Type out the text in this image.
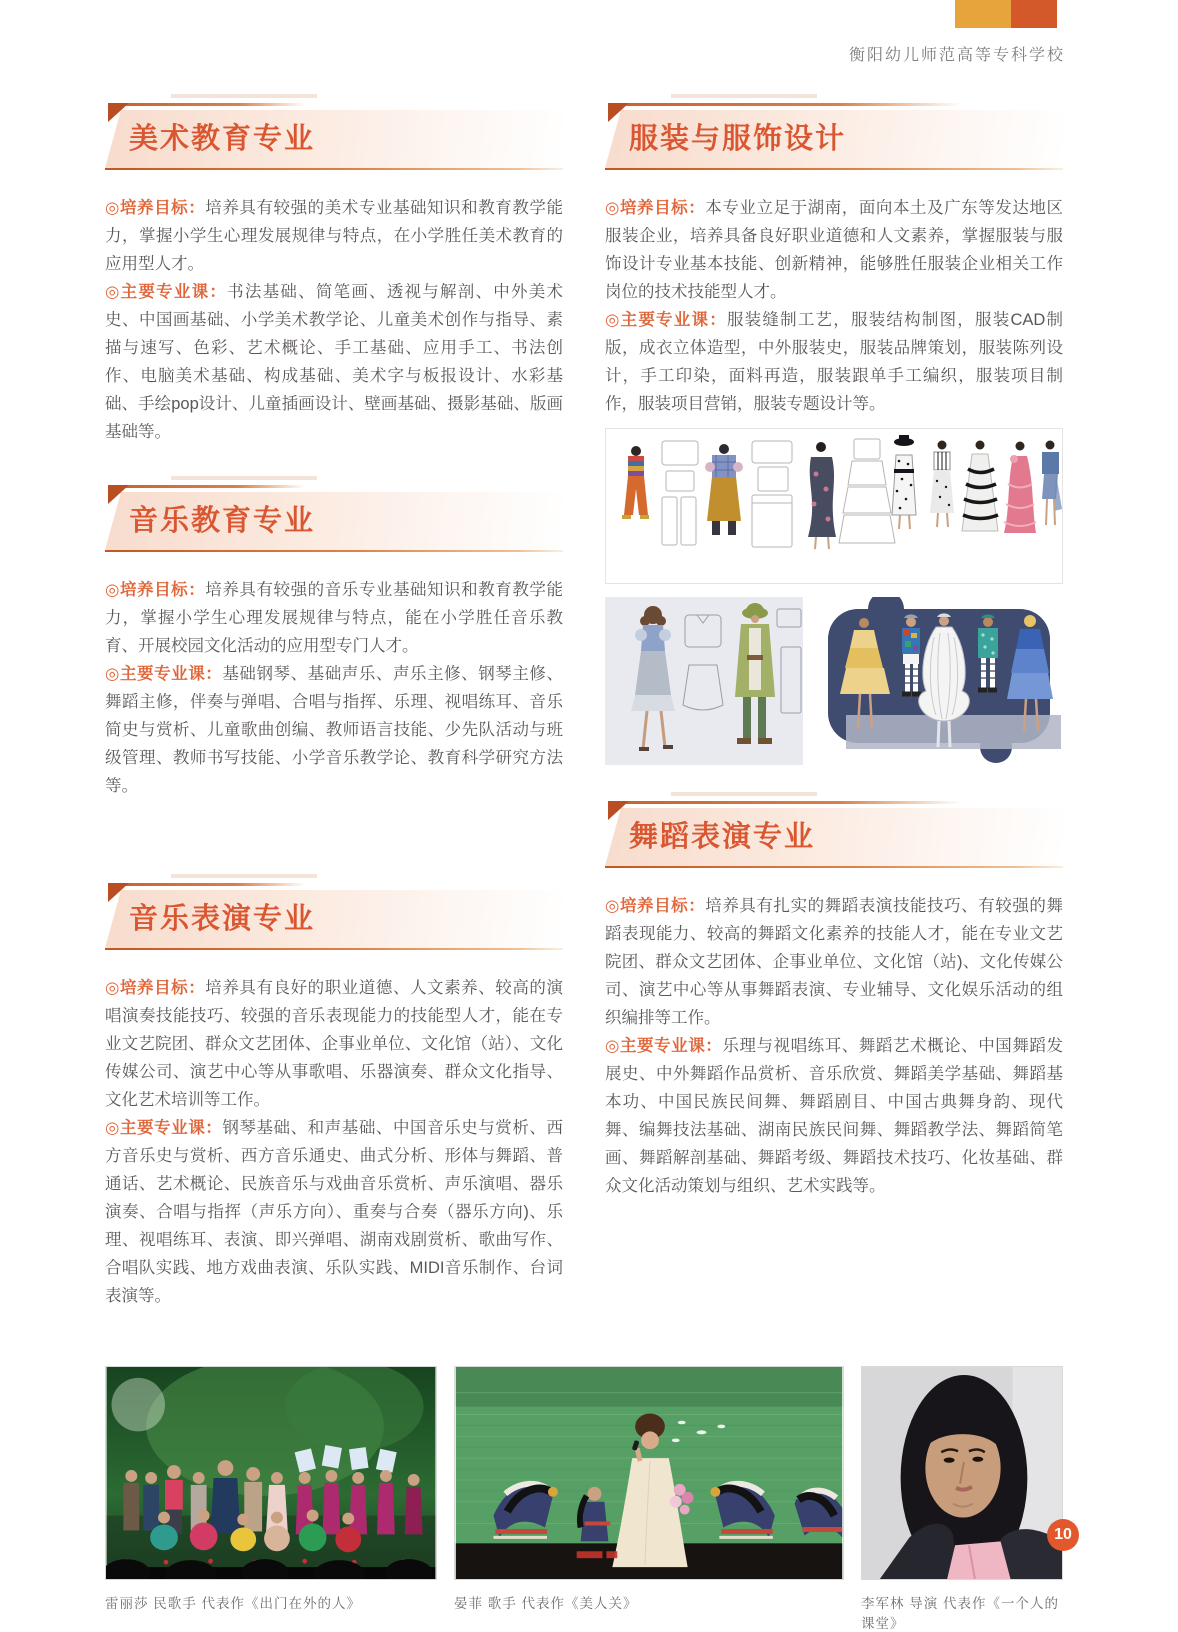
衡阳幼儿师范高等专科学校
美术教育专业

◎培养目标：培养具有较强的美术专业基础知识和教育教学能力，掌握小学生心理发展规律与特点，在小学胜任美术教育的应用型人才。

◎主要专业课：书法基础、简笔画、透视与解剖、中外美术史、中国画基础、小学美术教学论、儿童美术创作与指导、素描与速写、色彩、艺术概论、手工基础、应用手工、书法创作、电脑美术基础、构成基础、美术字与板报设计、水彩基础、手绘pop设计、儿童插画设计、壁画基础、摄影基础、版画基础等。

音乐教育专业

◎培养目标：培养具有较强的音乐专业基础知识和教育教学能力，掌握小学生心理发展规律与特点，能在小学胜任音乐教育、开展校园文化活动的应用型专门人才。

◎主要专业课：基础钢琴、基础声乐、声乐主修、钢琴主修、舞蹈主修，伴奏与弹唱、合唱与指挥、乐理、视唱练耳、音乐简史与赏析、儿童歌曲创编、教师语言技能、少先队活动与班级管理、教师书写技能、小学音乐教学论、教育科学研究方法等。

音乐表演专业

◎培养目标：培养具有良好的职业道德、人文素养、较高的演唱演奏技能技巧、较强的音乐表现能力的技能型人才，能在专业文艺院团、群众文艺团体、企事业单位、文化馆（站）、文化传媒公司、演艺中心等从事歌唱、乐器演奏、群众文化指导、文化艺术培训等工作。

◎主要专业课：钢琴基础、和声基础、中国音乐史与赏析、西方音乐史与赏析、西方音乐通史、曲式分析、形体与舞蹈、普通话、艺术概论、民族音乐与戏曲音乐赏析、声乐演唱、器乐演奏、合唱与指挥（声乐方向）、重奏与合奏（器乐方向)、乐理、视唱练耳、表演、即兴弹唱、湖南戏剧赏析、歌曲写作、合唱队实践、地方戏曲表演、乐队实践、MIDI音乐制作、台词表演等。

服装与服饰设计

◎培养目标：本专业立足于湖南，面向本土及广东等发达地区服装企业，培养具备良好职业道德和人文素养，掌握服装与服饰设计专业基本技能、创新精神，能够胜任服装企业相关工作岗位的技术技能型人才。

◎主要专业课：服装缝制工艺，服装结构制图，服装CAD制版，成衣立体造型，中外服装史，服装品牌策划，服装陈列设计，手工印染，面料再造，服装跟单手工编织，服装项目制作，服装项目营销，服装专题设计等。

舞蹈表演专业

◎培养目标：培养具有扎实的舞蹈表演技能技巧、有较强的舞蹈表现能力、较高的舞蹈文化素养的技能人才，能在专业文艺院团、群众文艺团体、企事业单位、文化馆（站)、文化传媒公司、演艺中心等从事舞蹈表演、专业辅导、文化娱乐活动的组织编排等工作。

◎主要专业课：乐理与视唱练耳、舞蹈艺术概论、中国舞蹈发展史、中外舞蹈作品赏析、音乐欣赏、舞蹈美学基础、舞蹈基本功、中国民族民间舞、舞蹈剧目、中国古典舞身韵、现代舞、编舞技法基础、湖南民族民间舞、舞蹈教学法、舞蹈简笔画、舞蹈解剖基础、舞蹈考级、舞蹈技术技巧、化妆基础、群众文化活动策划与组织、艺术实践等。

雷丽莎 民歌手 代表作《出门在外的人》	晏菲 歌手 代表作《美人关》	李军林 导演 代表作《一个人的课堂》
10
